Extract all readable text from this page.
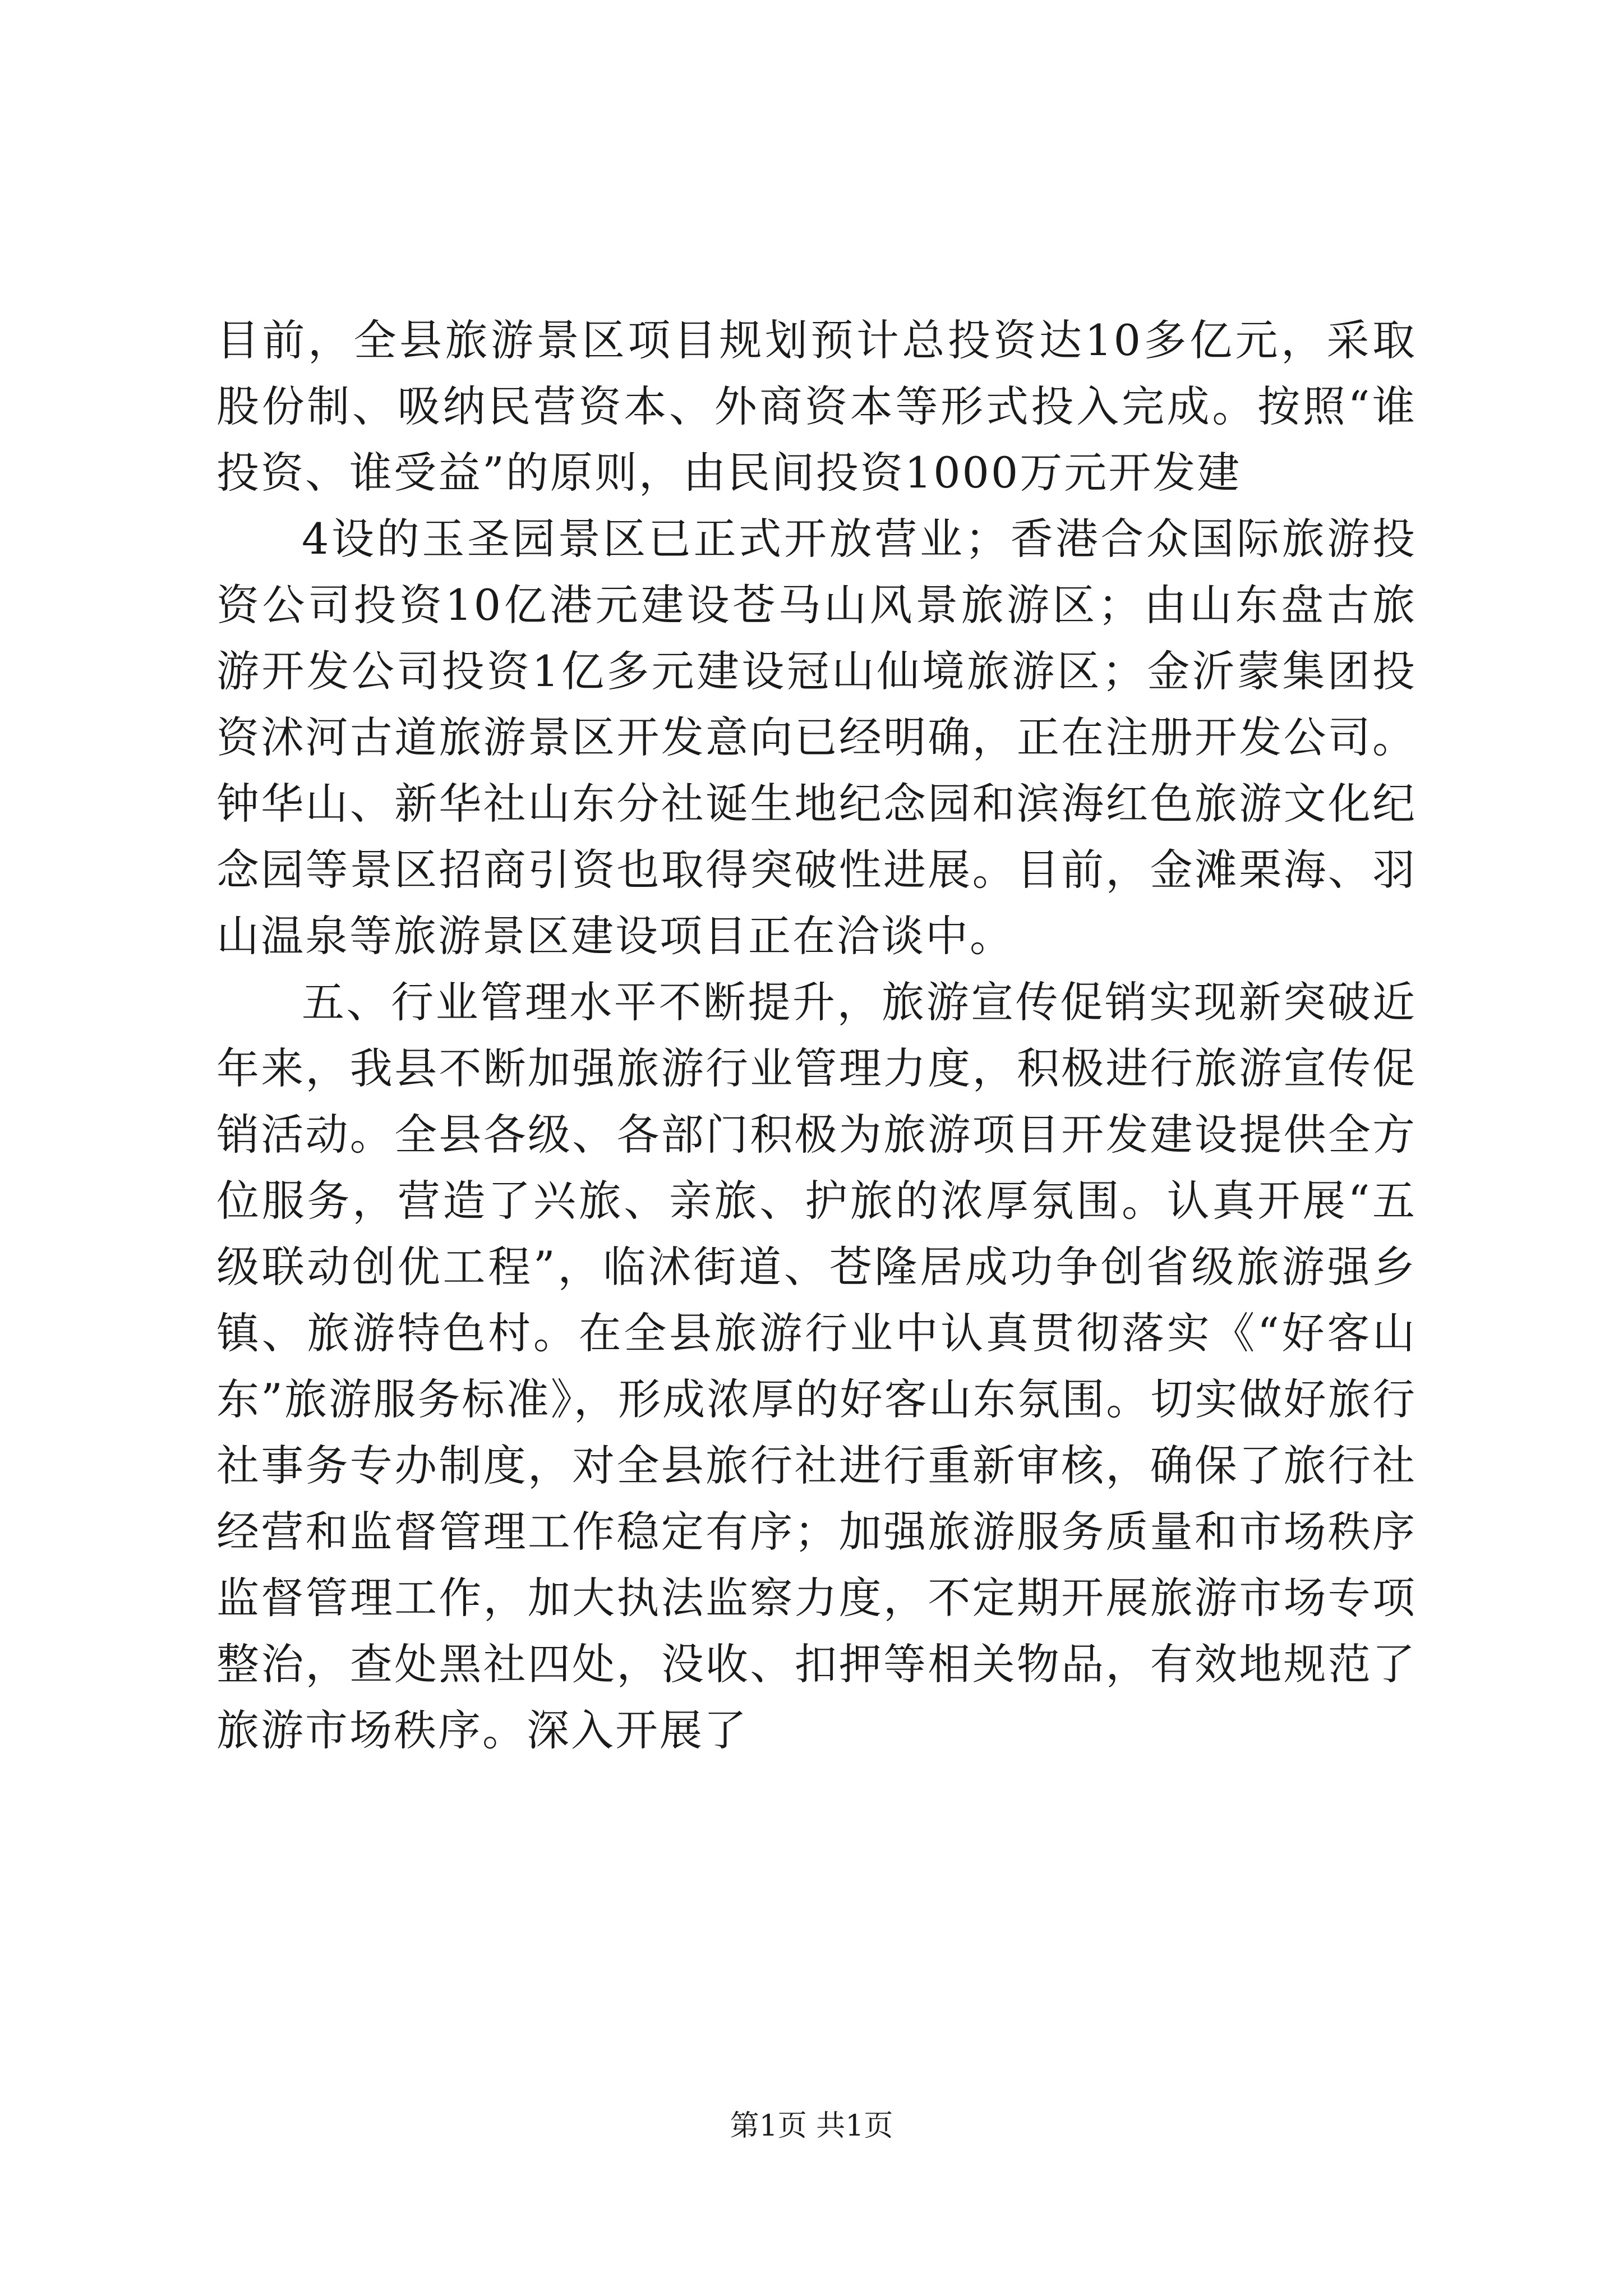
目前，全县旅游景区项目规划预计总投资达10多亿元，采取股份制、吸纳民营资本、外商资本等形式投入完成。按照“谁投资、谁受益”的原则，由民间投资1000万元开发建

4设的玉圣园景区已正式开放营业；香港合众国际旅游投资公司投资10亿港元建设苍马山风景旅游区；由山东盘古旅游开发公司投资1亿多元建设冠山仙境旅游区；金沂蒙集团投资沭河古道旅游景区开发意向已经明确，正在注册开发公司。钟华山、新华社山东分社诞生地纪念园和滨海红色旅游文化纪念园等景区招商引资也取得突破性进展。目前，金滩栗海、羽山温泉等旅游景区建设项目正在洽谈中。

五、行业管理水平不断提升，旅游宣传促销实现新突破近年来，我县不断加强旅游行业管理力度，积极进行旅游宣传促销活动。全县各级、各部门积极为旅游项目开发建设提供全方位服务，营造了兴旅、亲旅、护旅的浓厚氛围。认真开展“五级联动创优工程”，临沭街道、苍隆居成功争创省级旅游强乡镇、旅游特色村。在全县旅游行业中认真贯彻落实《“好客山东”旅游服务标准》，形成浓厚的好客山东氛围。切实做好旅行社事务专办制度，对全县旅行社进行重新审核，确保了旅行社经营和监督管理工作稳定有序；加强旅游服务质量和市场秩序监督管理工作，加大执法监察力度，不定期开展旅游市场专项整治，查处黑社四处，没收、扣押等相关物品，有效地规范了旅游市场秩序。深入开展了

第1页 共1页
